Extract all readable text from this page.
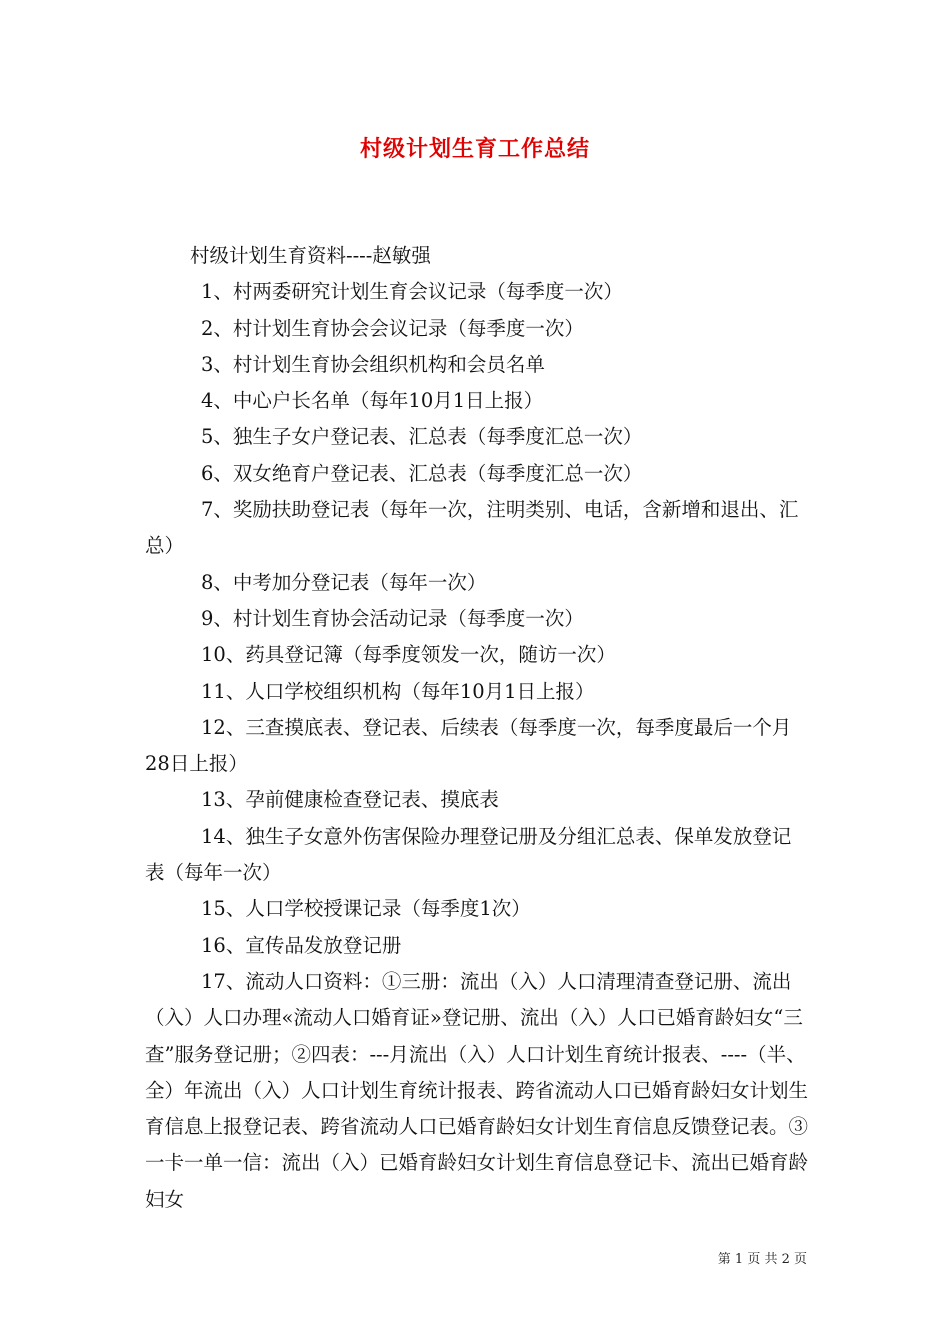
村级计划生育工作总结

村级计划生育资料----赵敏强

1、村两委研究计划生育会议记录（每季度一次）

2、村计划生育协会会议记录（每季度一次）

3、村计划生育协会组织机构和会员名单

4、中心户长名单（每年10月1日上报）

5、独生子女户登记表、汇总表（每季度汇总一次）

6、双女绝育户登记表、汇总表（每季度汇总一次）

7、奖励扶助登记表（每年一次，注明类别、电话，含新增和退出、汇总）

8、中考加分登记表（每年一次）

9、村计划生育协会活动记录（每季度一次）

10、药具登记簿（每季度领发一次，随访一次）

11、人口学校组织机构（每年10月1日上报）

12、三查摸底表、登记表、后续表（每季度一次，每季度最后一个月28日上报）

13、孕前健康检查登记表、摸底表

14、独生子女意外伤害保险办理登记册及分组汇总表、保单发放登记表（每年一次）

15、人口学校授课记录（每季度1次）

16、宣传品发放登记册

17、流动人口资料：①三册：流出（入）人口清理清查登记册、流出（入）人口办理«流动人口婚育证»登记册、流出（入）人口已婚育龄妇女“三查”服务登记册；②四表：---月流出（入）人口计划生育统计报表、----（半、全）年流出（入）人口计划生育统计报表、跨省流动人口已婚育龄妇女计划生育信息上报登记表、跨省流动人口已婚育龄妇女计划生育信息反馈登记表。③一卡一单一信：流出（入）已婚育龄妇女计划生育信息登记卡、流出已婚育龄妇女

第 1 页 共 2 页
